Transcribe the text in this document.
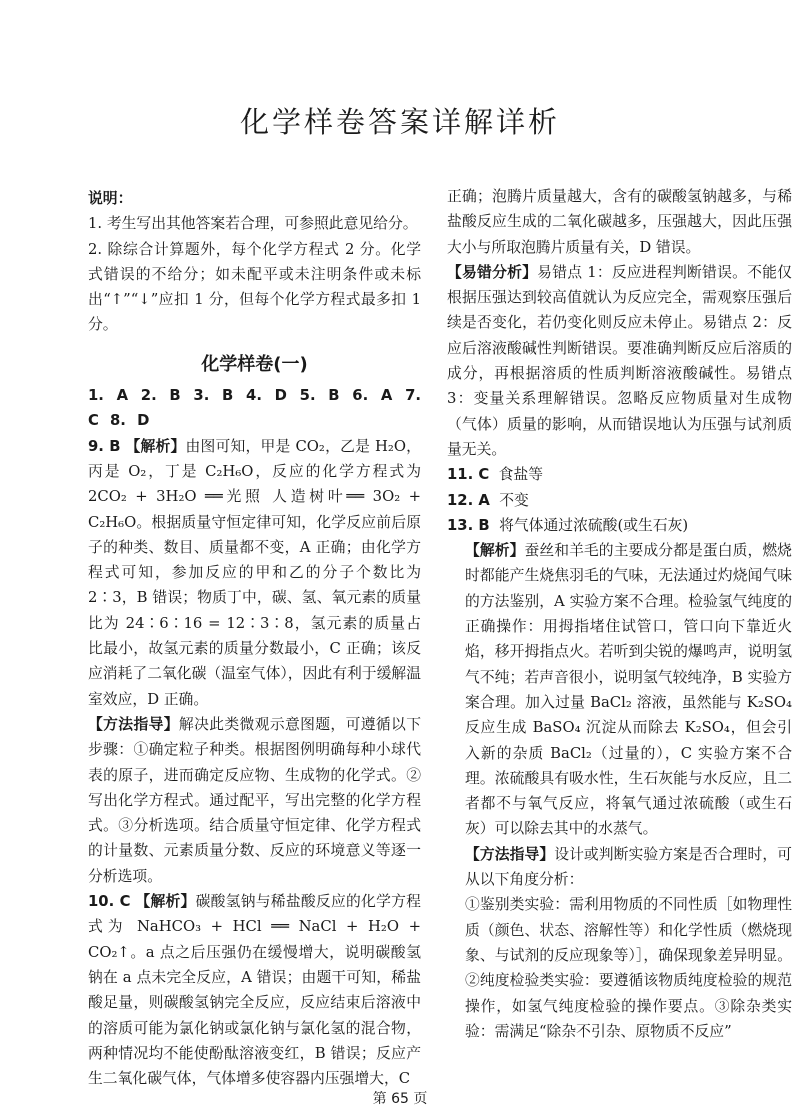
化学样卷答案详解详析

说明：

1. 考生写出其他答案若合理，可参照此意见给分。

2. 除综合计算题外，每个化学方程式 2 分。化学式错误的不给分；如未配平或未注明条件或未标出“↑”“↓”应扣 1 分，但每个化学方程式最多扣 1 分。

化学样卷(一)

1. A 2. B 3. B 4. D 5. B 6. A 7. C 8. D

9. B 【解析】由图可知，甲是 CO₂，乙是 H₂O，丙是 O₂，丁是 C₂H₆O，反应的化学方程式为 2CO₂ + 3H₂O ══光照 人造树叶══ 3O₂ + C₂H₆O。根据质量守恒定律可知，化学反应前后原子的种类、数目、质量都不变，A 正确；由化学方程式可知，参加反应的甲和乙的分子个数比为 2∶3，B 错误；物质丁中，碳、氢、氧元素的质量比为 24∶6∶16 = 12∶3∶8，氢元素的质量占比最小，故氢元素的质量分数最小，C 正确；该反应消耗了二氧化碳（温室气体），因此有利于缓解温室效应，D 正确。

【方法指导】解决此类微观示意图题，可遵循以下步骤：①确定粒子种类。根据图例明确每种小球代表的原子，进而确定反应物、生成物的化学式。②写出化学方程式。通过配平，写出完整的化学方程式。③分析选项。结合质量守恒定律、化学方程式的计量数、元素质量分数、反应的环境意义等逐一分析选项。

10. C 【解析】碳酸氢钠与稀盐酸反应的化学方程式为 NaHCO₃ + HCl ══ NaCl + H₂O + CO₂↑。a 点之后压强仍在缓慢增大，说明碳酸氢钠在 a 点未完全反应，A 错误；由题干可知，稀盐酸足量，则碳酸氢钠完全反应，反应结束后溶液中的溶质可能为氯化钠或氯化钠与氯化氢的混合物，两种情况均不能使酚酞溶液变红，B 错误；反应产生二氧化碳气体，气体增多使容器内压强增大，C

正确；泡腾片质量越大，含有的碳酸氢钠越多，与稀盐酸反应生成的二氧化碳越多，压强越大，因此压强大小与所取泡腾片质量有关，D 错误。

【易错分析】易错点 1：反应进程判断错误。不能仅根据压强达到较高值就认为反应完全，需观察压强后续是否变化，若仍变化则反应未停止。易错点 2：反应后溶液酸碱性判断错误。要准确判断反应后溶质的成分，再根据溶质的性质判断溶液酸碱性。易错点 3：变量关系理解错误。忽略反应物质量对生成物（气体）质量的影响，从而错误地认为压强与试剂质量无关。

11. C 食盐等

12. A 不变

13. B 将气体通过浓硫酸(或生石灰)

【解析】蚕丝和羊毛的主要成分都是蛋白质，燃烧时都能产生烧焦羽毛的气味，无法通过灼烧闻气味的方法鉴别，A 实验方案不合理。检验氢气纯度的正确操作：用拇指堵住试管口，管口向下靠近火焰，移开拇指点火。若听到尖锐的爆鸣声，说明氢气不纯；若声音很小，说明氢气较纯净，B 实验方案合理。加入过量 BaCl₂ 溶液，虽然能与 K₂SO₄ 反应生成 BaSO₄ 沉淀从而除去 K₂SO₄，但会引入新的杂质 BaCl₂（过量的），C 实验方案不合理。浓硫酸具有吸水性，生石灰能与水反应，且二者都不与氧气反应，将氧气通过浓硫酸（或生石灰）可以除去其中的水蒸气。

【方法指导】设计或判断实验方案是否合理时，可从以下角度分析：

①鉴别类实验：需利用物质的不同性质［如物理性质（颜色、状态、溶解性等）和化学性质（燃烧现象、与试剂的反应现象等）］，确保现象差异明显。②纯度检验类实验：要遵循该物质纯度检验的规范操作，如氢气纯度检验的操作要点。③除杂类实验：需满足“除杂不引杂、原物质不反应”

第 65 页
